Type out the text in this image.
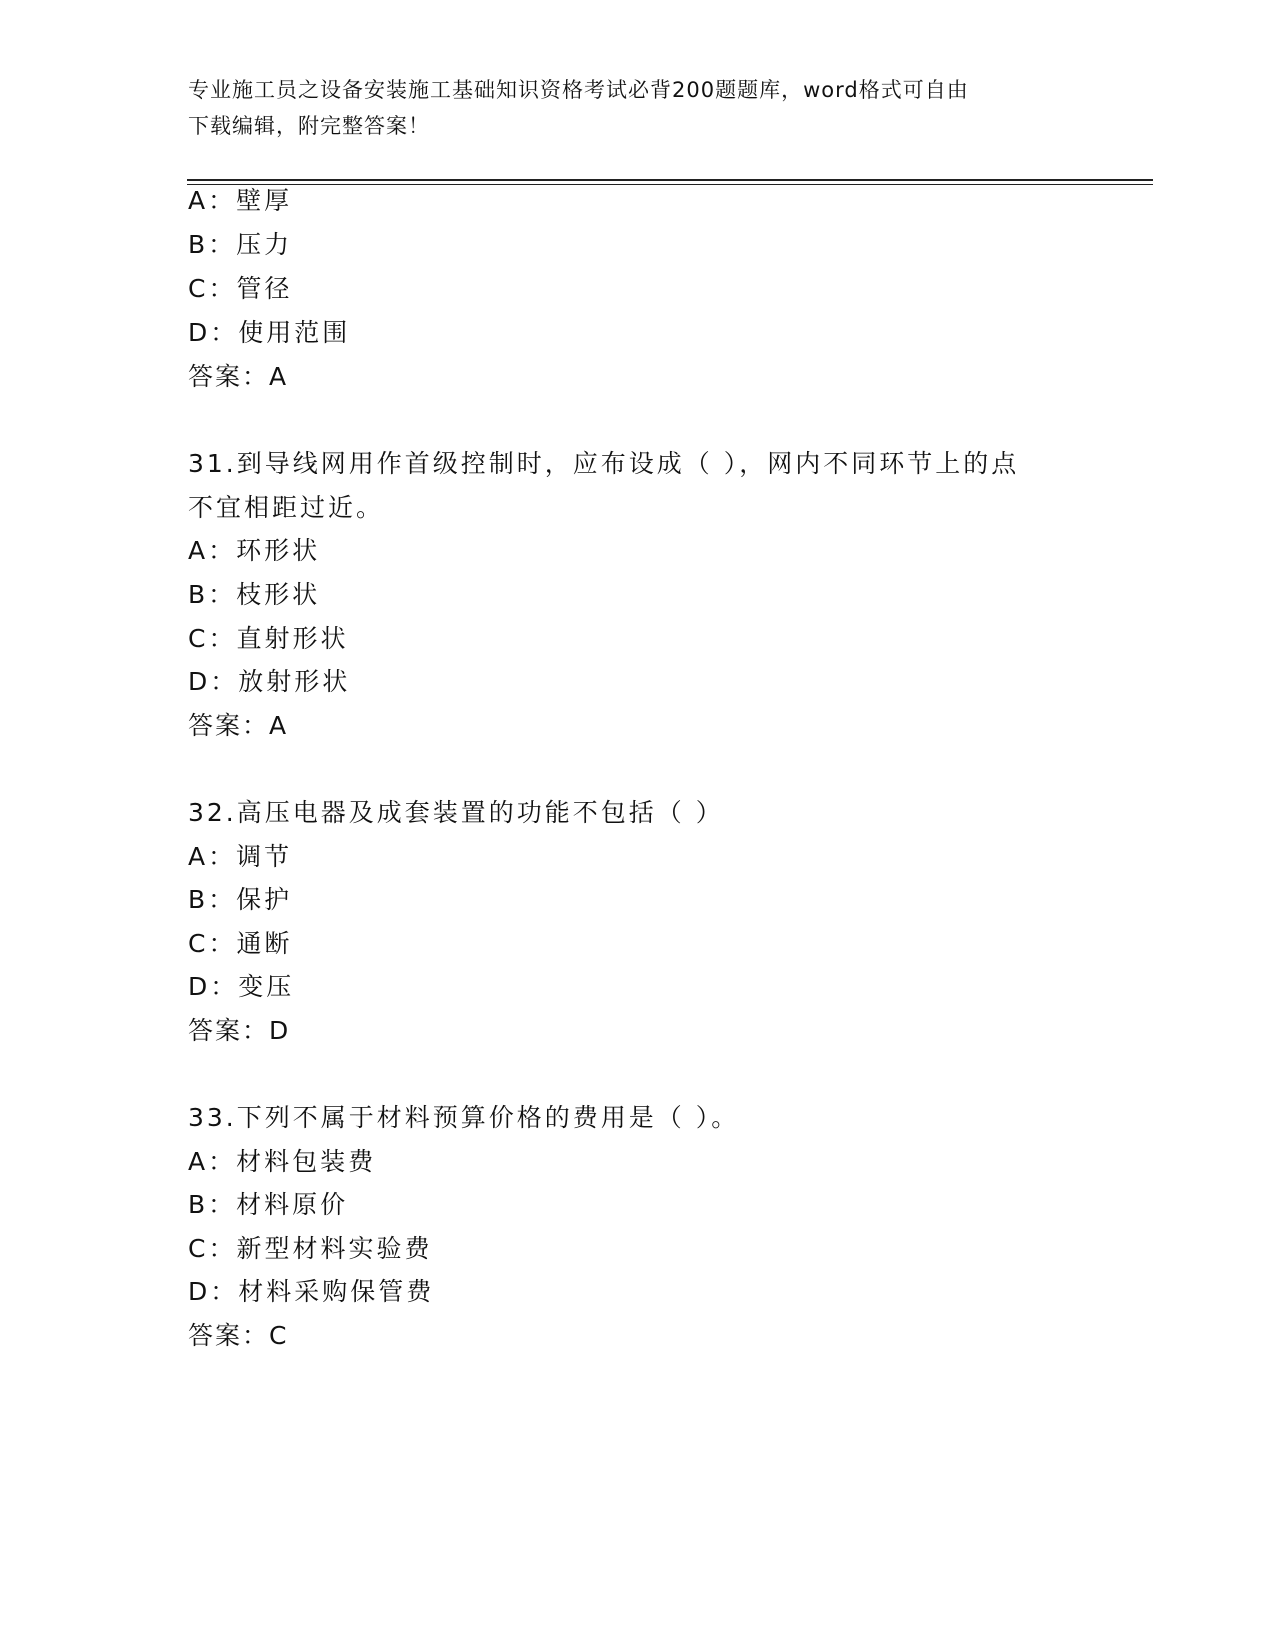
专业施工员之设备安装施工基础知识资格考试必背200题题库，word格式可自由
下载编辑，附完整答案！
A：壁厚
B：压力
C：管径
D：使用范围
答案：A
31.到导线网用作首级控制时，应布设成（ ），网内不同环节上的点
不宜相距过近。
A：环形状
B：枝形状
C：直射形状
D：放射形状
答案：A
32.高压电器及成套装置的功能不包括（ ）
A：调节
B：保护
C：通断
D：变压
答案：D
33.下列不属于材料预算价格的费用是（ ）。
A：材料包装费
B：材料原价
C：新型材料实验费
D：材料采购保管费
答案：C
